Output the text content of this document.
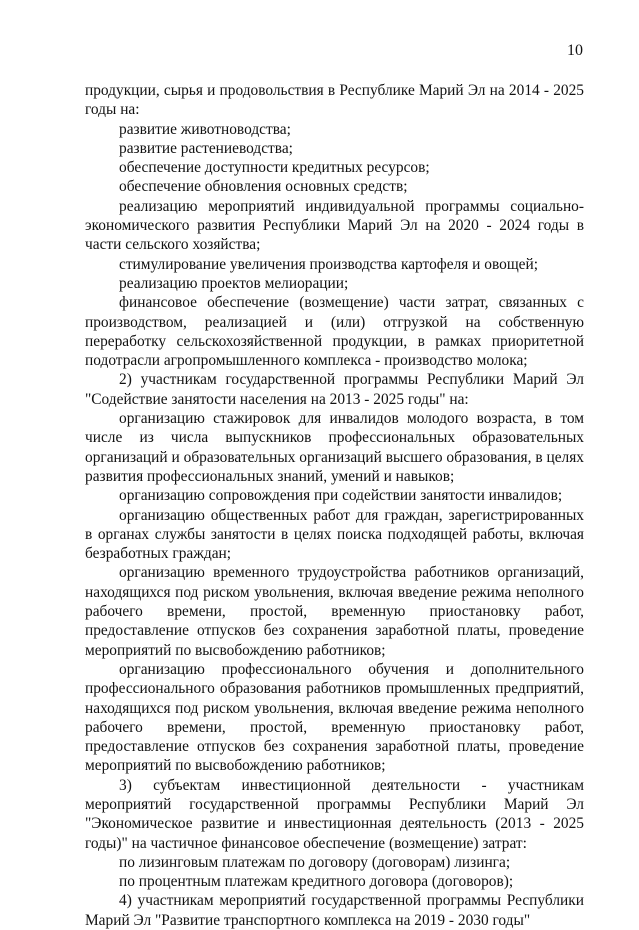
10

продукции, сырья и продовольствия в Республике Марий Эл на 2014 - 2025 годы на:

развитие животноводства;

развитие растениеводства;

обеспечение доступности кредитных ресурсов;

обеспечение обновления основных средств;

реализацию мероприятий индивидуальной программы социально-экономического развития Республики Марий Эл на 2020 - 2024 годы в части сельского хозяйства;

стимулирование увеличения производства картофеля и овощей;

реализацию проектов мелиорации;

финансовое обеспечение (возмещение) части затрат, связанных с производством, реализацией и (или) отгрузкой на собственную переработку сельскохозяйственной продукции, в рамках приоритетной подотрасли агропромышленного комплекса - производство молока;

2) участникам государственной программы Республики Марий Эл "Содействие занятости населения на 2013 - 2025 годы" на:

организацию стажировок для инвалидов молодого возраста, в том числе из числа выпускников профессиональных образовательных организаций и образовательных организаций высшего образования, в целях развития профессиональных знаний, умений и навыков;

организацию сопровождения при содействии занятости инвалидов;

организацию общественных работ для граждан, зарегистрированных в органах службы занятости в целях поиска подходящей работы, включая безработных граждан;

организацию временного трудоустройства работников организаций, находящихся под риском увольнения, включая введение режима неполного рабочего времени, простой, временную приостановку работ, предоставление отпусков без сохранения заработной платы, проведение мероприятий по высвобождению работников;

организацию профессионального обучения и дополнительного профессионального образования работников промышленных предприятий, находящихся под риском увольнения, включая введение режима неполного рабочего времени, простой, временную приостановку работ, предоставление отпусков без сохранения заработной платы, проведение мероприятий по высвобождению работников;

3) субъектам инвестиционной деятельности - участникам мероприятий государственной программы Республики Марий Эл "Экономическое развитие и инвестиционная деятельность (2013 - 2025 годы)" на частичное финансовое обеспечение (возмещение) затрат:

по лизинговым платежам по договору (договорам) лизинга;

по процентным платежам кредитного договора (договоров);

4) участникам мероприятий государственной программы Республики Марий Эл "Развитие транспортного комплекса на 2019 - 2030 годы"
